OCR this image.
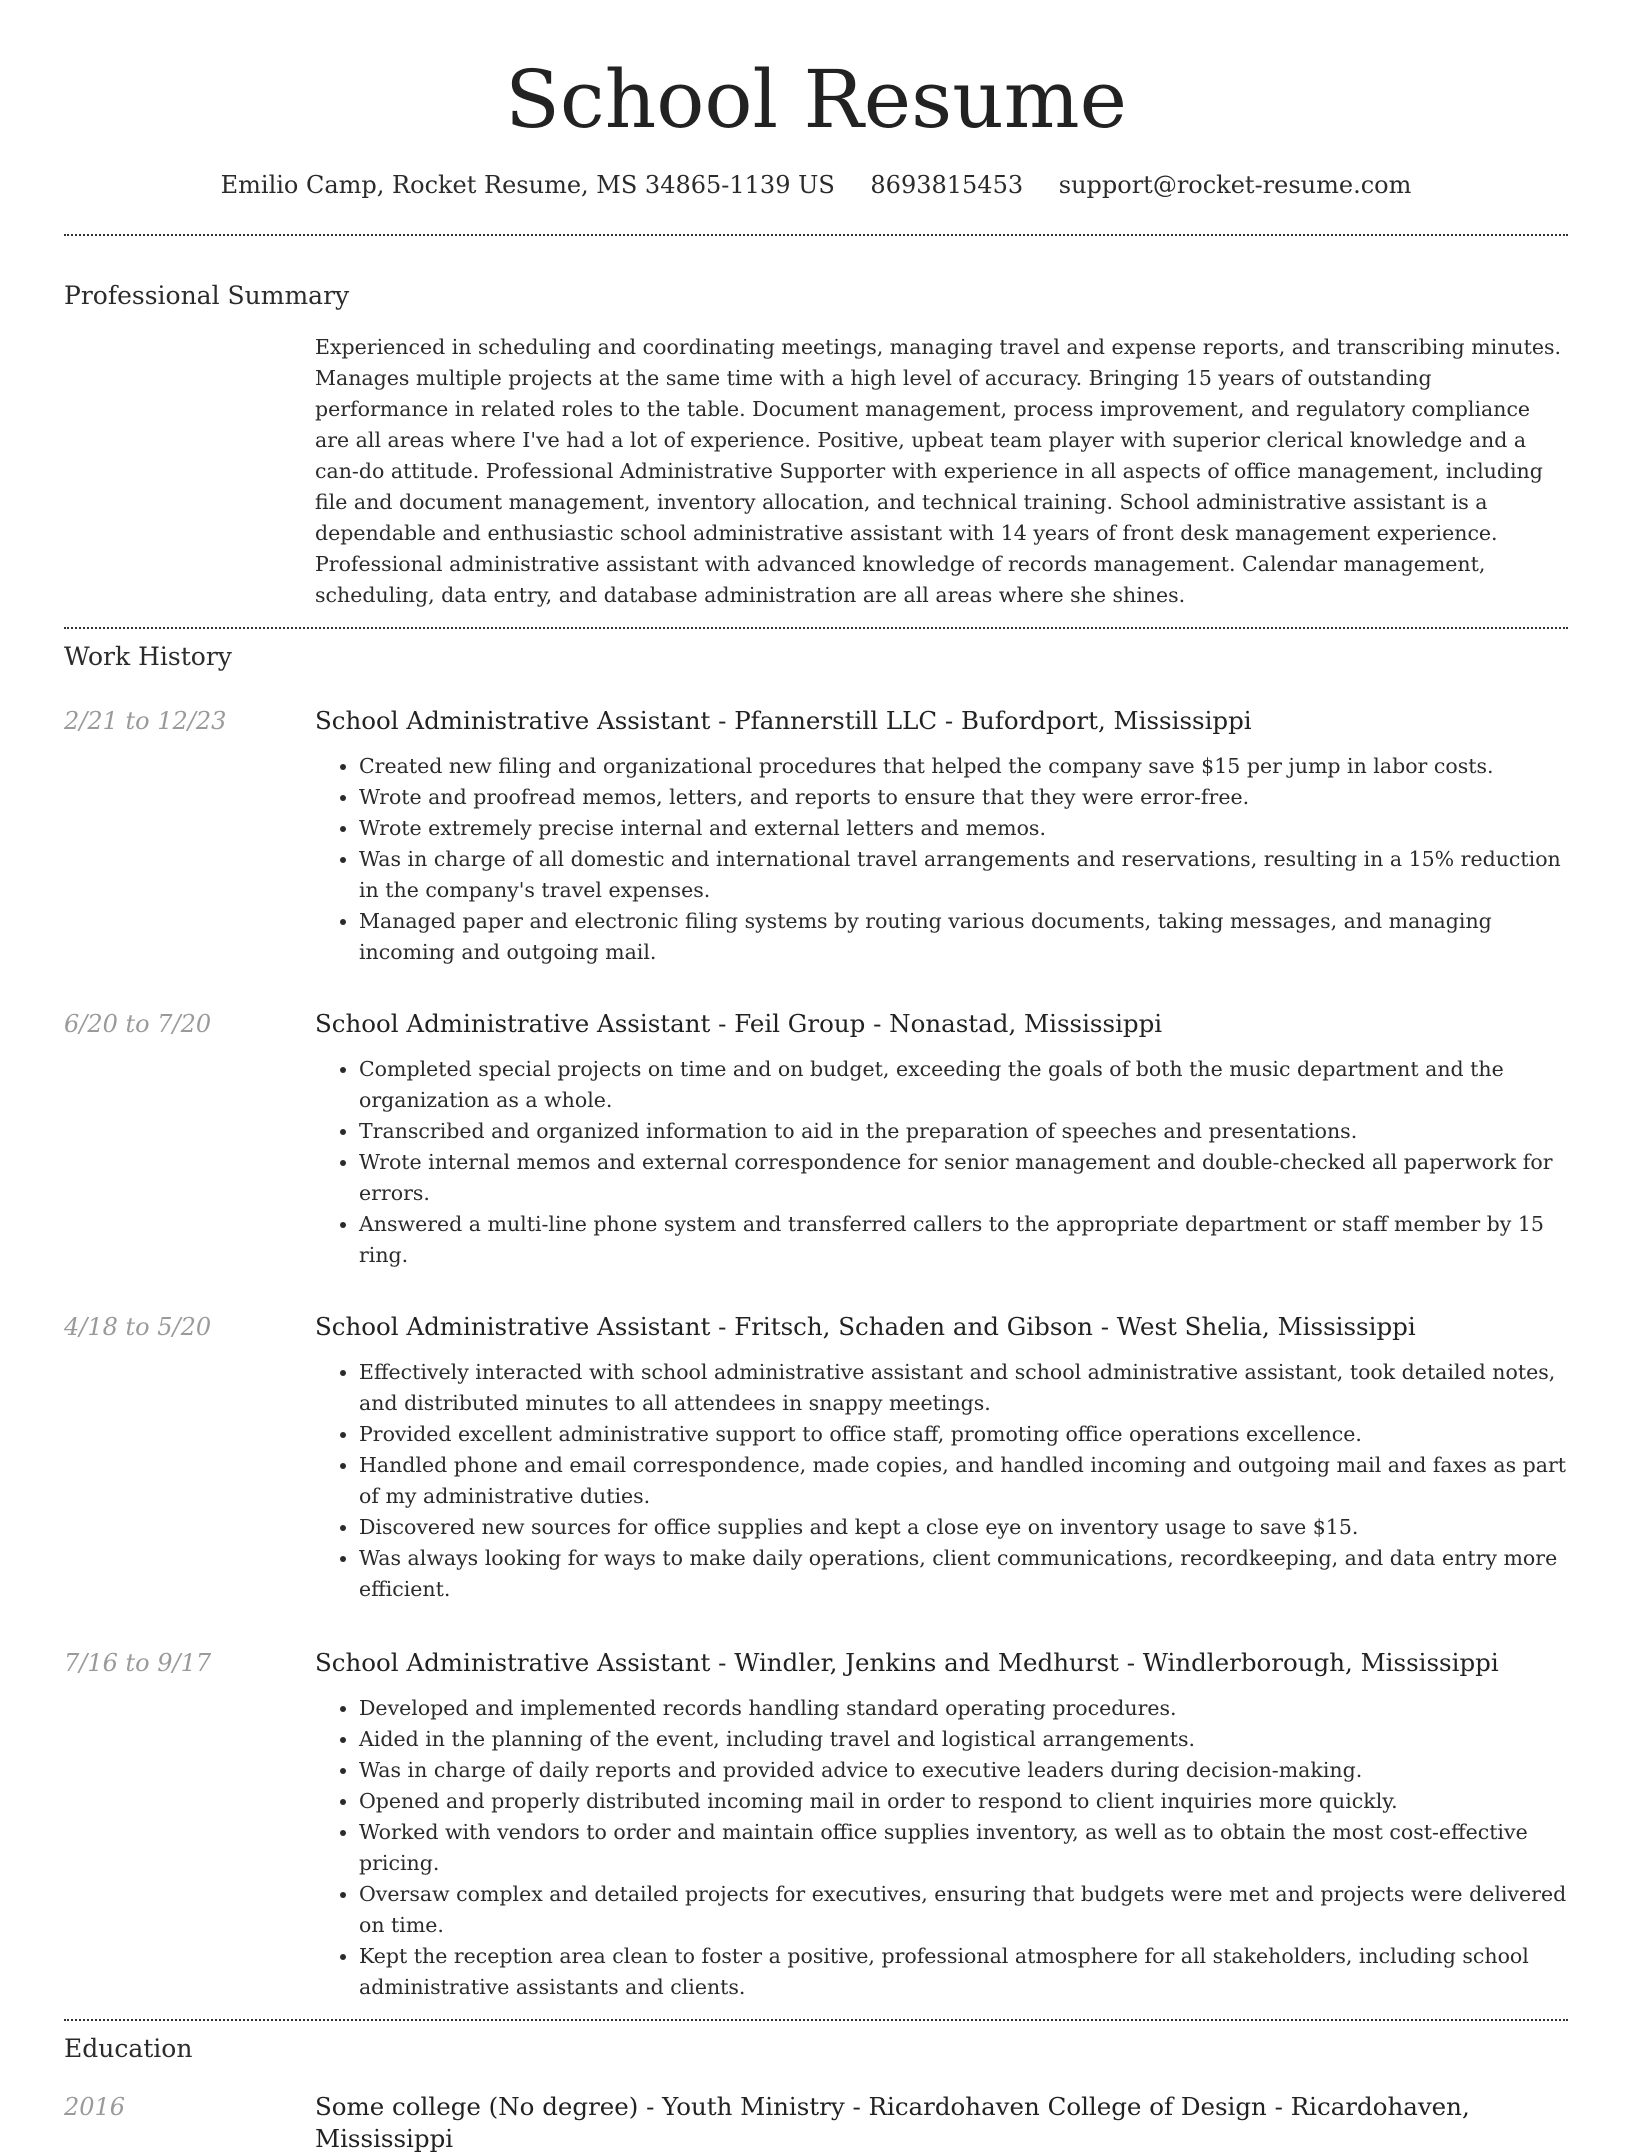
School Resume
Emilio Camp, Rocket Resume, MS 34865-1139 US 8693815453 support@rocket-resume.com
Professional Summary

Experienced in scheduling and coordinating meetings, managing travel and expense reports, and transcribing minutes. Manages multiple projects at the same time with a high level of accuracy. Bringing 15 years of outstanding performance in related roles to the table. Document management, process improvement, and regulatory compliance are all areas where I've had a lot of experience. Positive, upbeat team player with superior clerical knowledge and a can-do attitude. Professional Administrative Supporter with experience in all aspects of office management, including file and document management, inventory allocation, and technical training. School administrative assistant is a dependable and enthusiastic school administrative assistant with 14 years of front desk management experience. Professional administrative assistant with advanced knowledge of records management. Calendar management, scheduling, data entry, and database administration are all areas where she shines.

Work History
2/21 to 12/23	School Administrative Assistant - Pfannerstill LLC - Bufordport, Mississippi
• Created new filing and organizational procedures that helped the company save $15 per jump in labor costs.
• Wrote and proofread memos, letters, and reports to ensure that they were error-free.
• Wrote extremely precise internal and external letters and memos.
• Was in charge of all domestic and international travel arrangements and reservations, resulting in a 15% reduction in the company's travel expenses.
• Managed paper and electronic filing systems by routing various documents, taking messages, and managing incoming and outgoing mail.
6/20 to 7/20	School Administrative Assistant - Feil Group - Nonastad, Mississippi
• Completed special projects on time and on budget, exceeding the goals of both the music department and the organization as a whole.
• Transcribed and organized information to aid in the preparation of speeches and presentations.
• Wrote internal memos and external correspondence for senior management and double-checked all paperwork for errors.
• Answered a multi-line phone system and transferred callers to the appropriate department or staff member by 15 ring.
4/18 to 5/20	School Administrative Assistant - Fritsch, Schaden and Gibson - West Shelia, Mississippi
• Effectively interacted with school administrative assistant and school administrative assistant, took detailed notes, and distributed minutes to all attendees in snappy meetings.
• Provided excellent administrative support to office staff, promoting office operations excellence.
• Handled phone and email correspondence, made copies, and handled incoming and outgoing mail and faxes as part of my administrative duties.
• Discovered new sources for office supplies and kept a close eye on inventory usage to save $15.
• Was always looking for ways to make daily operations, client communications, recordkeeping, and data entry more efficient.
7/16 to 9/17	School Administrative Assistant - Windler, Jenkins and Medhurst - Windlerborough, Mississippi
• Developed and implemented records handling standard operating procedures.
• Aided in the planning of the event, including travel and logistical arrangements.
• Was in charge of daily reports and provided advice to executive leaders during decision-making.
• Opened and properly distributed incoming mail in order to respond to client inquiries more quickly.
• Worked with vendors to order and maintain office supplies inventory, as well as to obtain the most cost-effective pricing.
• Oversaw complex and detailed projects for executives, ensuring that budgets were met and projects were delivered on time.
• Kept the reception area clean to foster a positive, professional atmosphere for all stakeholders, including school administrative assistants and clients.
Education
2016	Some college (No degree) - Youth Ministry - Ricardohaven College of Design - Ricardohaven, Mississippi
